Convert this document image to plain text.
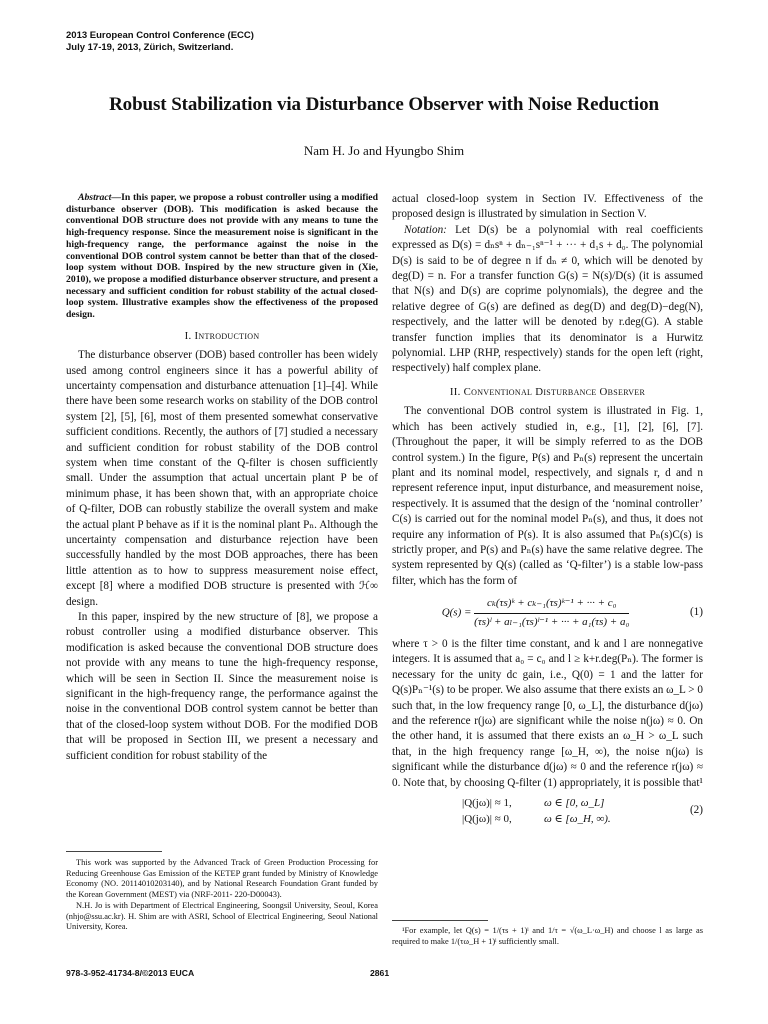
2013 European Control Conference (ECC)
July 17-19, 2013, Zürich, Switzerland.
Robust Stabilization via Disturbance Observer with Noise Reduction
Nam H. Jo and Hyungbo Shim

Abstract—In this paper, we propose a robust controller using a modified disturbance observer (DOB). This modification is asked because the conventional DOB structure does not provide with any means to tune the high-frequency response. Since the measurement noise is significant in the high-frequency range, the performance against the noise in the conventional DOB control system cannot be better than that of the closed-loop system without DOB. Inspired by the new structure given in (Xie, 2010), we propose a modified disturbance observer structure, and present a necessary and sufficient condition for robust stability of the actual closed-loop system. Illustrative examples show the effectiveness of the proposed design.

I. Introduction

The disturbance observer (DOB) based controller has been widely used among control engineers since it has a powerful ability of uncertainty compensation and disturbance attenuation [1]–[4]. While there have been some research works on stability of the DOB control system [2], [5], [6], most of them presented somewhat conservative sufficient conditions. Recently, the authors of [7] studied a necessary and sufficient condition for robust stability of the DOB control system when time constant of the Q-filter is chosen sufficiently small. Under the assumption that actual uncertain plant P be of minimum phase, it has been shown that, with an appropriate choice of Q-filter, DOB can robustly stabilize the overall system and make the actual plant P behave as if it is the nominal plant Pₙ. Although the uncertainty compensation and disturbance rejection have been successfully handled by the most DOB approaches, there has been little attention as to how to suppress measurement noise effect, except [8] where a modified DOB structure is presented with ℋ∞ design.

In this paper, inspired by the new structure of [8], we propose a robust controller using a modified disturbance observer. This modification is asked because the conventional DOB structure does not provide with any means to tune the high-frequency response, which will be seen in Section II. Since the measurement noise is significant in the high-frequency range, the performance against the noise in the conventional DOB control system cannot be better than that of the closed-loop system without DOB. For the modified DOB that will be proposed in Section III, we present a necessary and sufficient condition for robust stability of the

This work was supported by the Advanced Track of Green Production Processing for Reducing Greenhouse Gas Emission of the KETEP grant funded by Ministry of Knowledge Economy (NO. 20114010203140), and by National Research Foundation Grant funded by the Korean Government (MEST) via (NRF-2011- 220-D00043).

N.H. Jo is with Department of Electrical Engineering, Soongsil University, Seoul, Korea (nhjo@ssu.ac.kr). H. Shim are with ASRI, School of Electrical Engineering, Seoul National University, Korea.

actual closed-loop system in Section IV. Effectiveness of the proposed design is illustrated by simulation in Section V.

Notation: Let D(s) be a polynomial with real coefficients expressed as D(s) = dₙsⁿ + dₙ₋₁sⁿ⁻¹ + ··· + d₁s + d₀. The polynomial D(s) is said to be of degree n if dₙ ≠ 0, which will be denoted by deg(D) = n. For a transfer function G(s) = N(s)/D(s) (it is assumed that N(s) and D(s) are coprime polynomials), the degree and the relative degree of G(s) are defined as deg(D) and deg(D)−deg(N), respectively, and the latter will be denoted by r.deg(G). A stable transfer function implies that its denominator is a Hurwitz polynomial. LHP (RHP, respectively) stands for the open left (right, respectively) half complex plane.

II. Conventional Disturbance Observer

The conventional DOB control system is illustrated in Fig. 1, which has been actively studied in, e.g., [1], [2], [6], [7]. (Throughout the paper, it will be simply referred to as the DOB control system.) In the figure, P(s) and Pₙ(s) represent the uncertain plant and its nominal model, respectively, and signals r, d and n represent reference input, input disturbance, and measurement noise, respectively. It is assumed that the design of the ‘nominal controller’ C(s) is carried out for the nominal model Pₙ(s), and thus, it does not require any information of P(s). It is also assumed that Pₙ(s)C(s) is strictly proper, and P(s) and Pₙ(s) have the same relative degree. The system represented by Q(s) (called as ‘Q-filter’) is a stable low-pass filter, which has the form of

$Q(s) = \frac{\text{cₖ(τs)ᵏ + cₖ₋₁(τs)ᵏ⁻¹ + ··· + c₀}}{\text{(τs)ˡ + aₗ₋₁(τs)ˡ⁻¹ + ··· + a₁(τs) + a₀}}$	(1)

where τ > 0 is the filter time constant, and k and l are nonnegative integers. It is assumed that a₀ = c₀ and l ≥ k+r.deg(Pₙ). The former is necessary for the unity dc gain, i.e., Q(0) = 1 and the latter for Q(s)Pₙ⁻¹(s) to be proper. We also assume that there exists an ω_L > 0 such that, in the low frequency range [0, ω_L], the disturbance d(jω) and the reference r(jω) are significant while the noise n(jω) ≈ 0. On the other hand, it is assumed that there exists an ω_H > ω_L such that, in the high frequency range [ω_H, ∞), the noise n(jω) is significant while the disturbance d(jω) ≈ 0 and the reference r(jω) ≈ 0. Note that, by choosing Q-filter (1) appropriately, it is possible that¹

|Q(jω)| ≈ 1,	ω ∈ [0, ω_L]
|Q(jω)| ≈ 0,	ω ∈ [ω_H, ∞).
(2)

¹For example, let Q(s) = 1/(τs + 1)ˡ and 1/τ = √(ω_L·ω_H) and choose l as large as required to make 1/(τω_H + 1)ˡ sufficiently small.

978-3-952-41734-8/©2013 EUCA	2861
